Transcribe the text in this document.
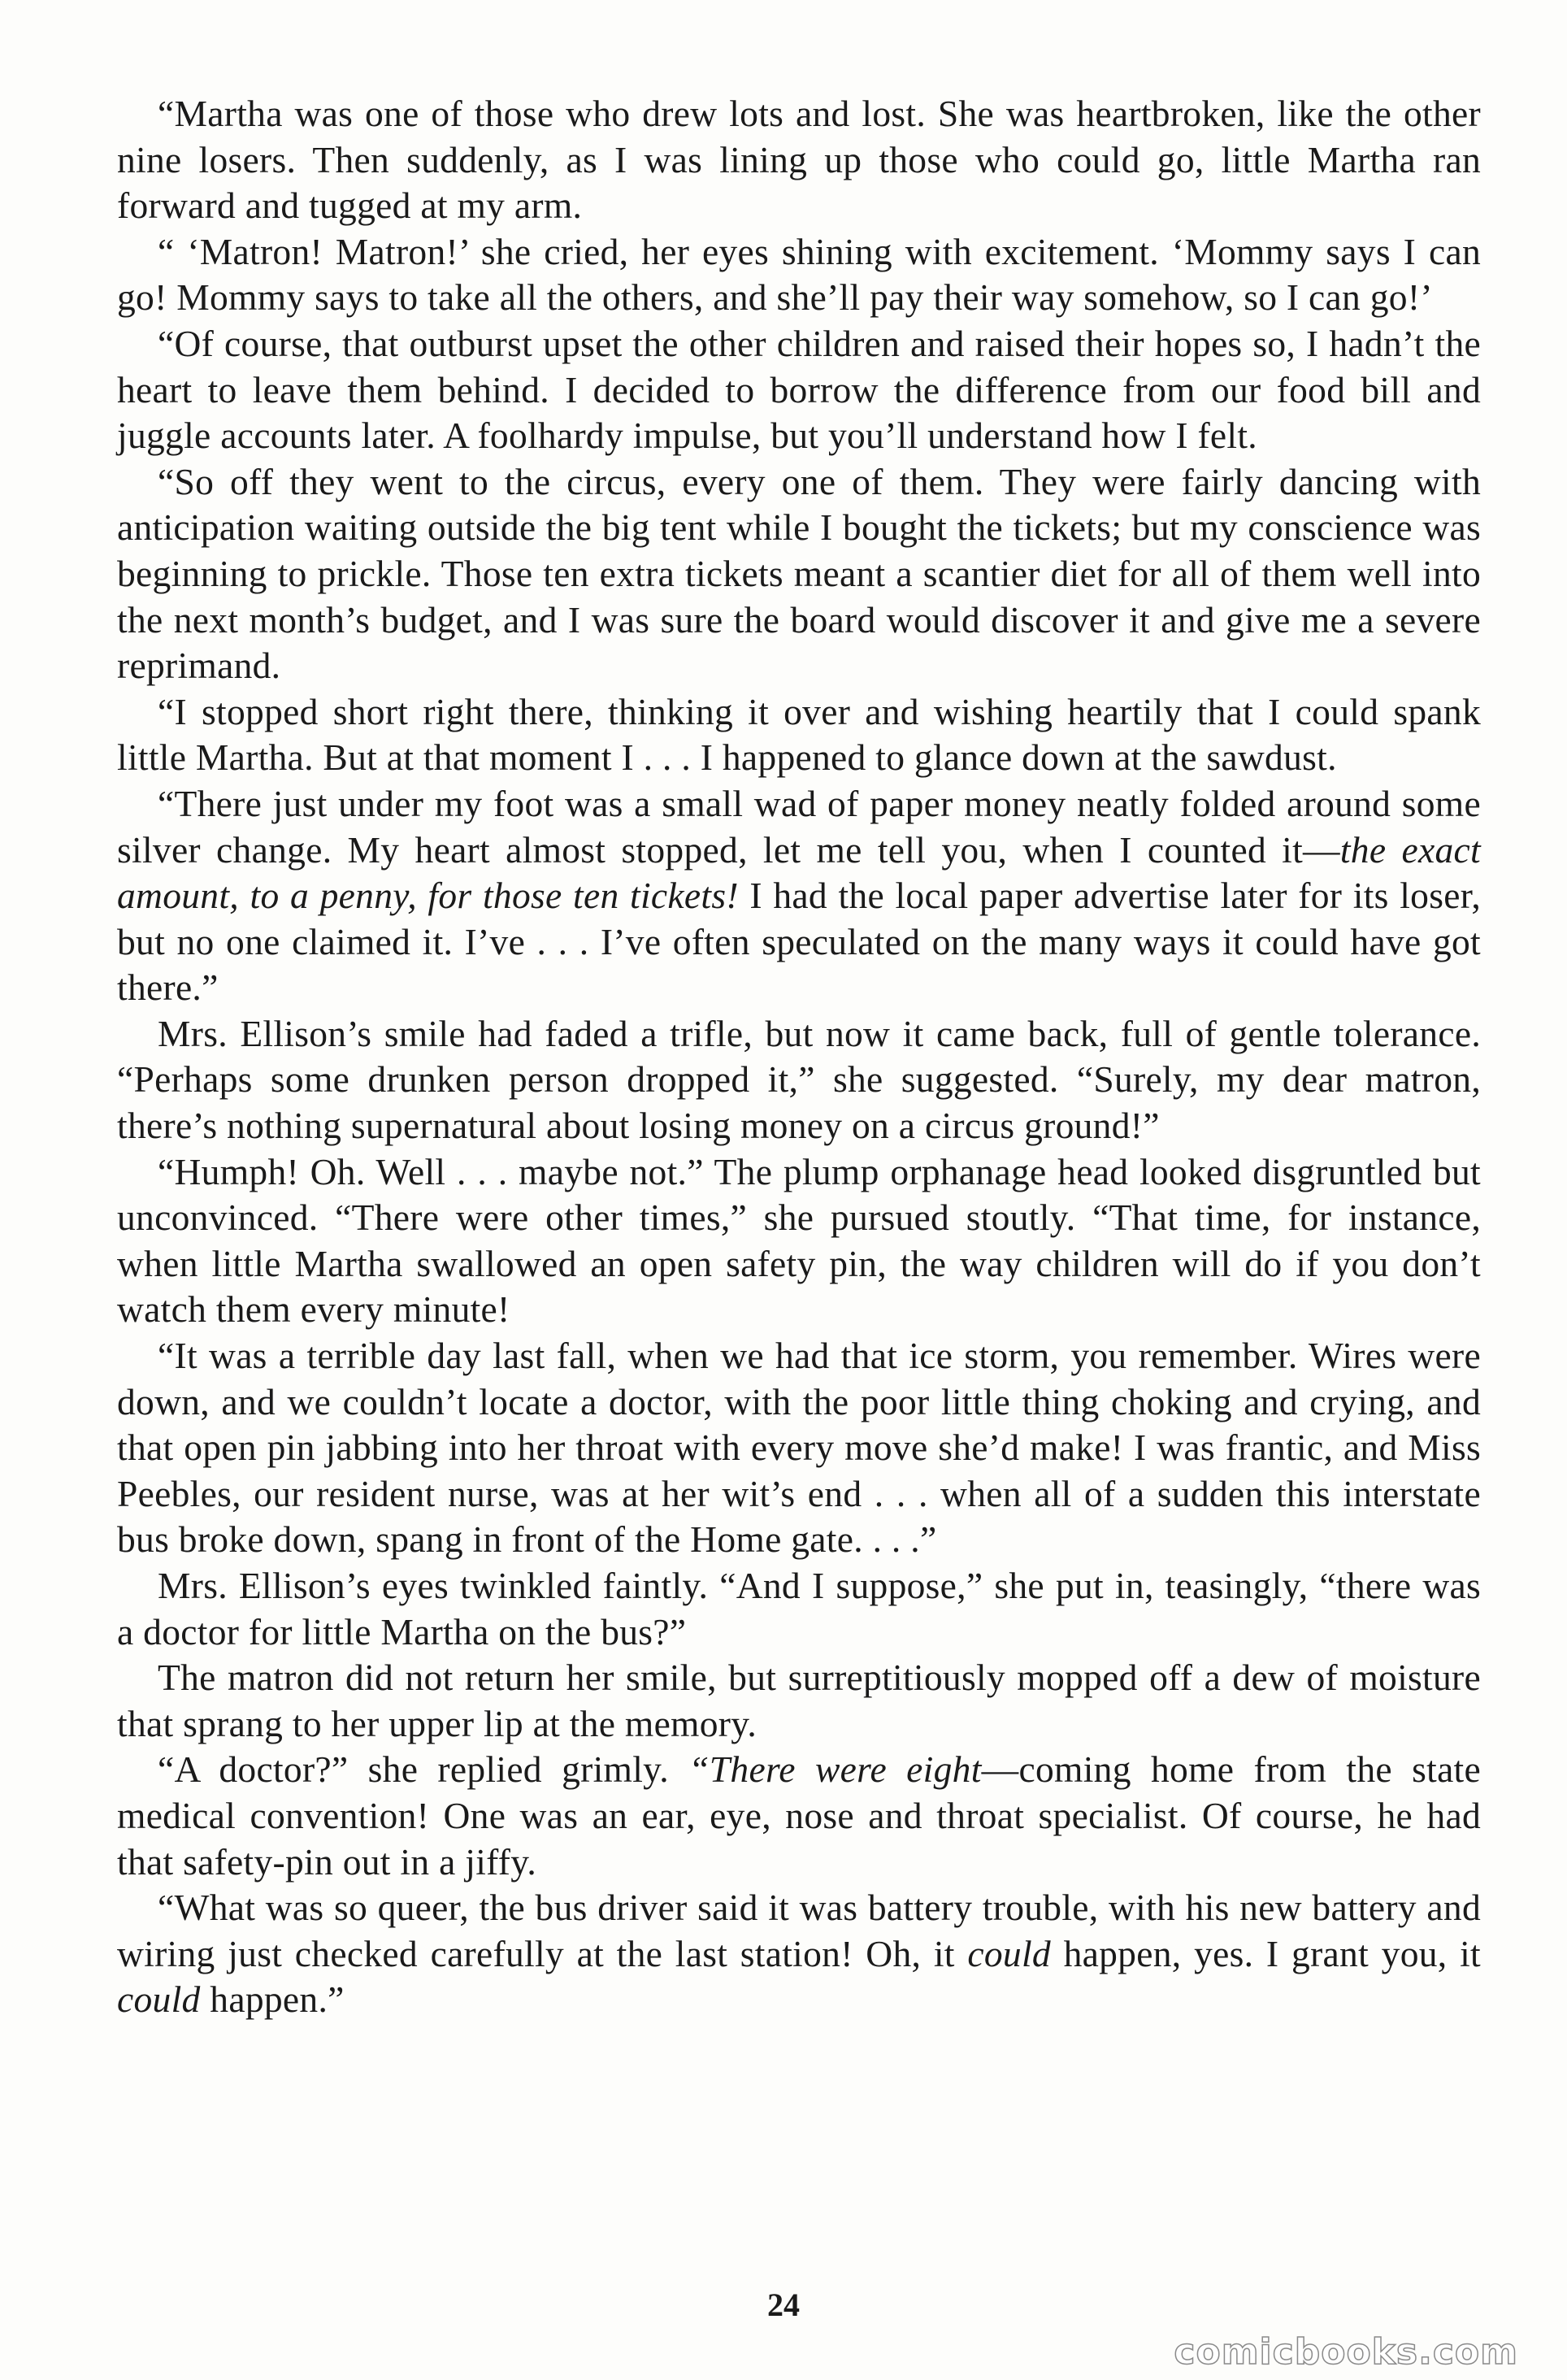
“Martha was one of those who drew lots and lost. She was heartbroken, like the other nine losers. Then suddenly, as I was lining up those who could go, little Martha ran forward and tugged at my arm.

“ ‘Matron! Matron!’ she cried, her eyes shining with excitement. ‘Mommy says I can go! Mommy says to take all the others, and she’ll pay their way somehow, so I can go!’

“Of course, that outburst upset the other children and raised their hopes so, I hadn’t the heart to leave them behind. I decided to borrow the difference from our food bill and juggle accounts later. A foolhardy impulse, but you’ll understand how I felt.

“So off they went to the circus, every one of them. They were fairly dancing with anticipation waiting outside the big tent while I bought the tickets; but my conscience was beginning to prickle. Those ten extra tickets meant a scantier diet for all of them well into the next month’s budget, and I was sure the board would discover it and give me a severe reprimand.

“I stopped short right there, thinking it over and wishing heartily that I could spank little Martha. But at that moment I . . . I happened to glance down at the sawdust.

“There just under my foot was a small wad of paper money neatly folded around some silver change. My heart almost stopped, let me tell you, when I counted it—the exact amount, to a penny, for those ten tickets! I had the local paper advertise later for its loser, but no one claimed it. I’ve . . . I’ve often speculated on the many ways it could have got there.”

Mrs. Ellison’s smile had faded a trifle, but now it came back, full of gentle tolerance. “Perhaps some drunken person dropped it,” she suggested. “Surely, my dear matron, there’s nothing supernatural about losing money on a circus ground!”

“Humph! Oh. Well . . . maybe not.” The plump orphanage head looked disgruntled but unconvinced. “There were other times,” she pursued stoutly. “That time, for instance, when little Martha swallowed an open safety pin, the way children will do if you don’t watch them every minute!

“It was a terrible day last fall, when we had that ice storm, you remember. Wires were down, and we couldn’t locate a doctor, with the poor little thing choking and crying, and that open pin jabbing into her throat with every move she’d make! I was frantic, and Miss Peebles, our resident nurse, was at her wit’s end . . . when all of a sudden this interstate bus broke down, spang in front of the Home gate. . . .”

Mrs. Ellison’s eyes twinkled faintly. “And I suppose,” she put in, teasingly, “there was a doctor for little Martha on the bus?”

The matron did not return her smile, but surreptitiously mopped off a dew of moisture that sprang to her upper lip at the memory.

“A doctor?” she replied grimly. “There were eight—coming home from the state medical convention! One was an ear, eye, nose and throat specialist. Of course, he had that safety-pin out in a jiffy.

“What was so queer, the bus driver said it was battery trouble, with his new battery and wiring just checked carefully at the last station! Oh, it could happen, yes. I grant you, it could happen.”

24
comicbooks.com
